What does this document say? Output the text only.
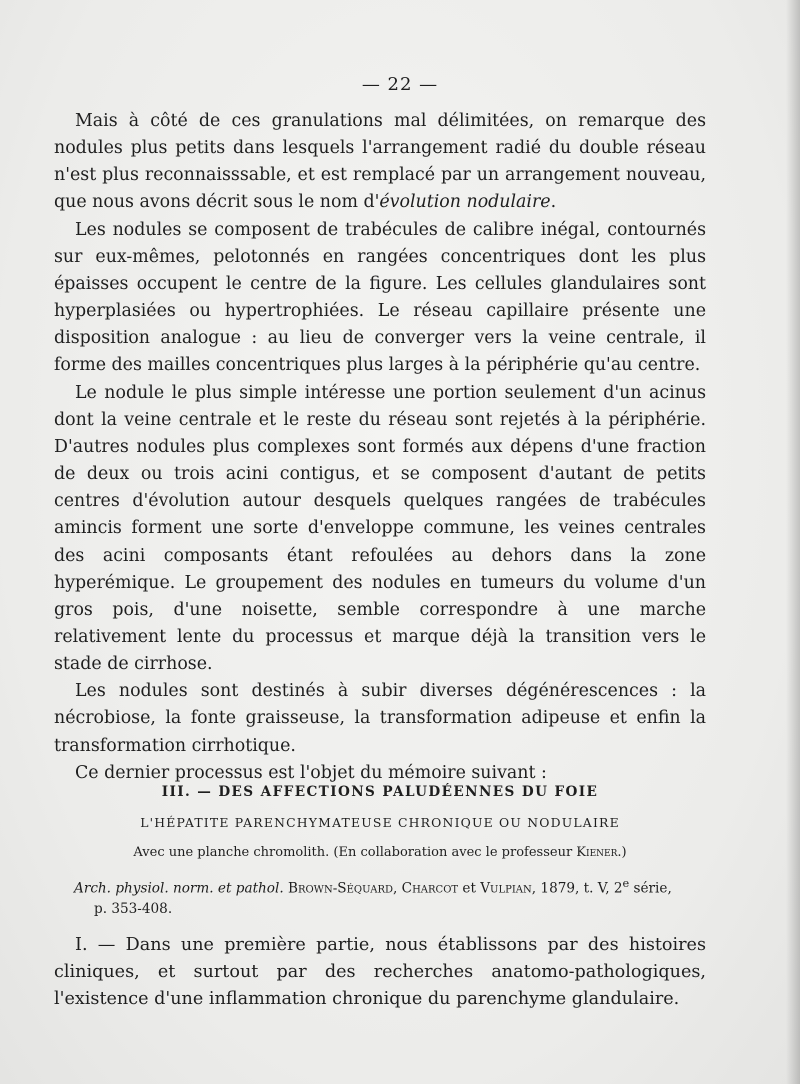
— 22 —

Mais à côté de ces granulations mal délimitées, on remarque des nodules plus petits dans lesquels l'arrangement radié du double réseau n'est plus reconnaisssable, et est remplacé par un arrangement nouveau, que nous avons décrit sous le nom d'évolution nodulaire.

Les nodules se composent de trabécules de calibre inégal, contournés sur eux-mêmes, pelotonnés en rangées concentriques dont les plus épaisses occupent le centre de la figure. Les cellules glandulaires sont hyperplasiées ou hypertrophiées. Le réseau capillaire présente une disposition analogue : au lieu de converger vers la veine centrale, il forme des mailles concentriques plus larges à la périphérie qu'au centre.

Le nodule le plus simple intéresse une portion seulement d'un acinus dont la veine centrale et le reste du réseau sont rejetés à la périphérie. D'autres nodules plus complexes sont formés aux dépens d'une fraction de deux ou trois acini contigus, et se composent d'autant de petits centres d'évolution autour desquels quelques rangées de trabécules amincis forment une sorte d'enveloppe commune, les veines centrales des acini composants étant refoulées au dehors dans la zone hyperémique. Le groupement des nodules en tumeurs du volume d'un gros pois, d'une noisette, semble correspondre à une marche relativement lente du processus et marque déjà la transition vers le stade de cirrhose.

Les nodules sont destinés à subir diverses dégénérescences : la nécrobiose, la fonte graisseuse, la transformation adipeuse et enfin la transformation cirrhotique.

Ce dernier processus est l'objet du mémoire suivant :

III. — DES AFFECTIONS PALUDÉENNES DU FOIE
L'HÉPATITE PARENCHYMATEUSE CHRONIQUE OU NODULAIRE
Avec une planche chromolith. (En collaboration avec le professeur Kiener.)
Arch. physiol. norm. et pathol. Brown-Séquard, Charcot et Vulpian, 1879, t. V, 2e série,
p. 353-408.

I. — Dans une première partie, nous établissons par des histoires cliniques, et surtout par des recherches anatomo-pathologiques, l'existence d'une inflammation chronique du parenchyme glandulaire.
